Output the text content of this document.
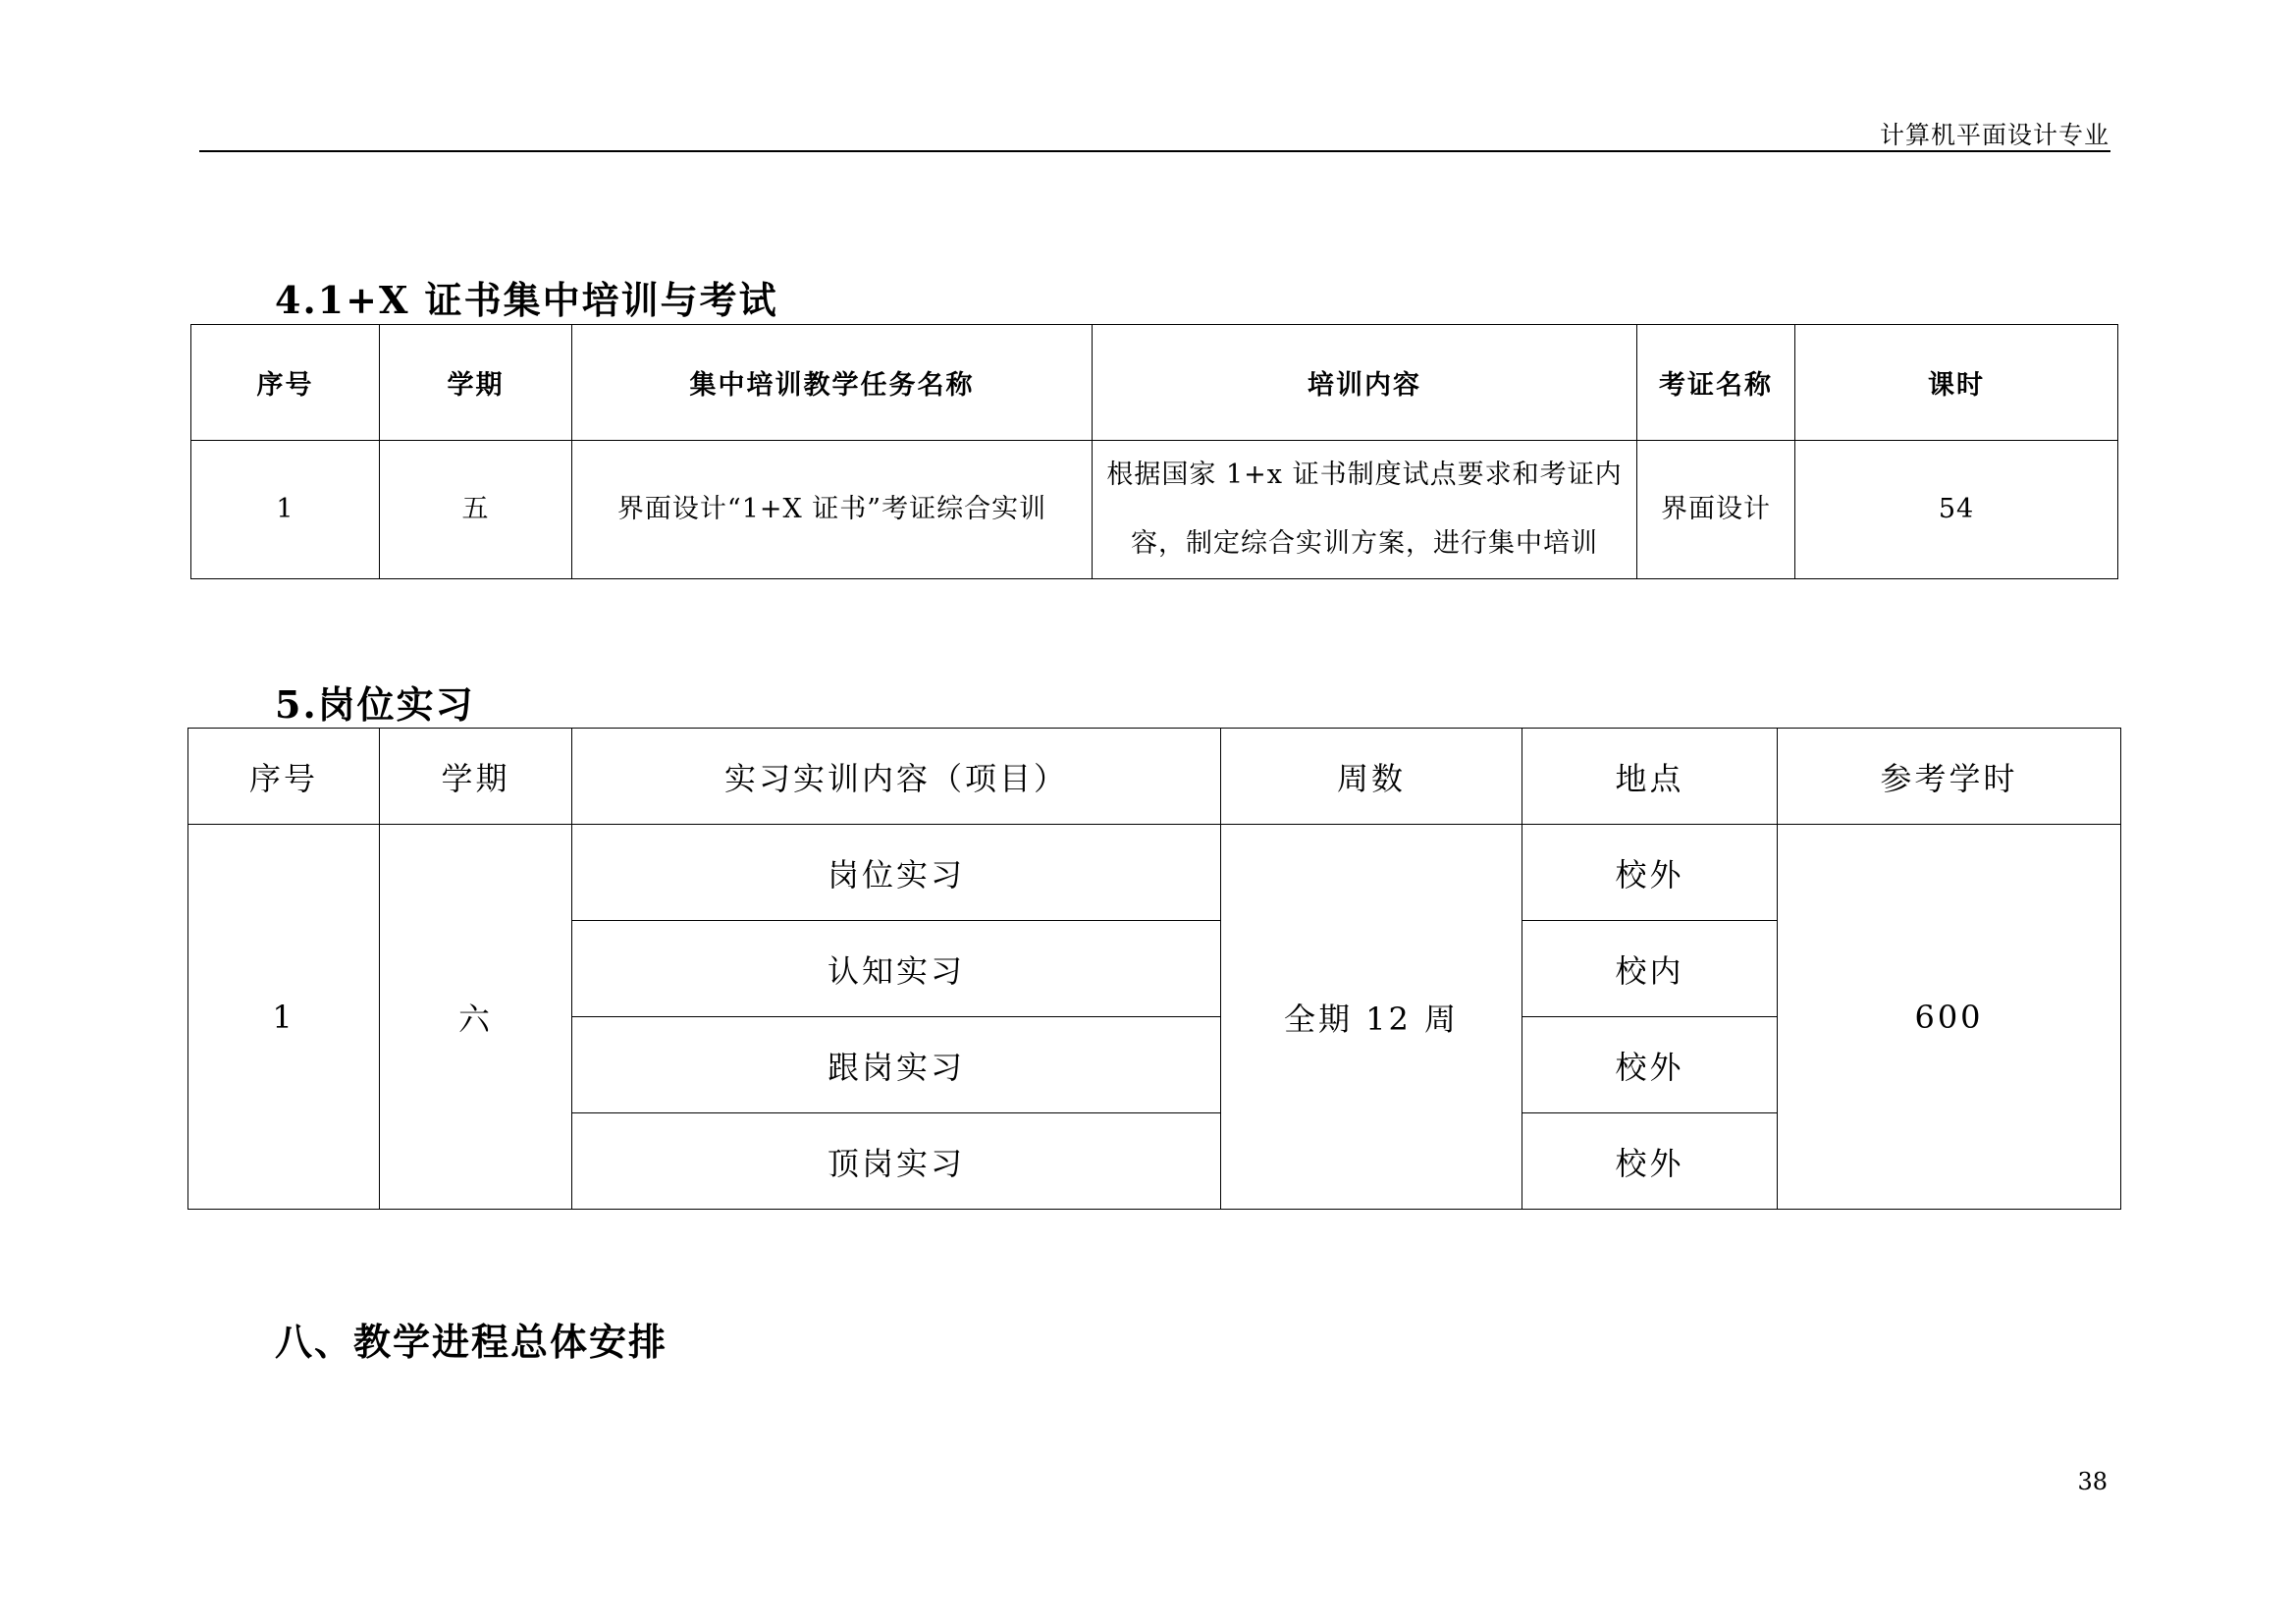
计算机平面设计专业
4.1+X 证书集中培训与考试
序号	学期	集中培训教学任务名称	培训内容	考证名称	课时
1	五	界面设计“1+X 证书”考证综合实训	根据国家 1+x 证书制度试点要求和考证内
容，制定综合实训方案，进行集中培训	界面设计	54
5.岗位实习
序号	学期	实习实训内容（项目）	周数	地点	参考学时
1	六	岗位实习	全期 12 周	校外	600
		认知实习		校内	
		跟岗实习		校外	
		顶岗实习		校外	
八、教学进程总体安排
38
